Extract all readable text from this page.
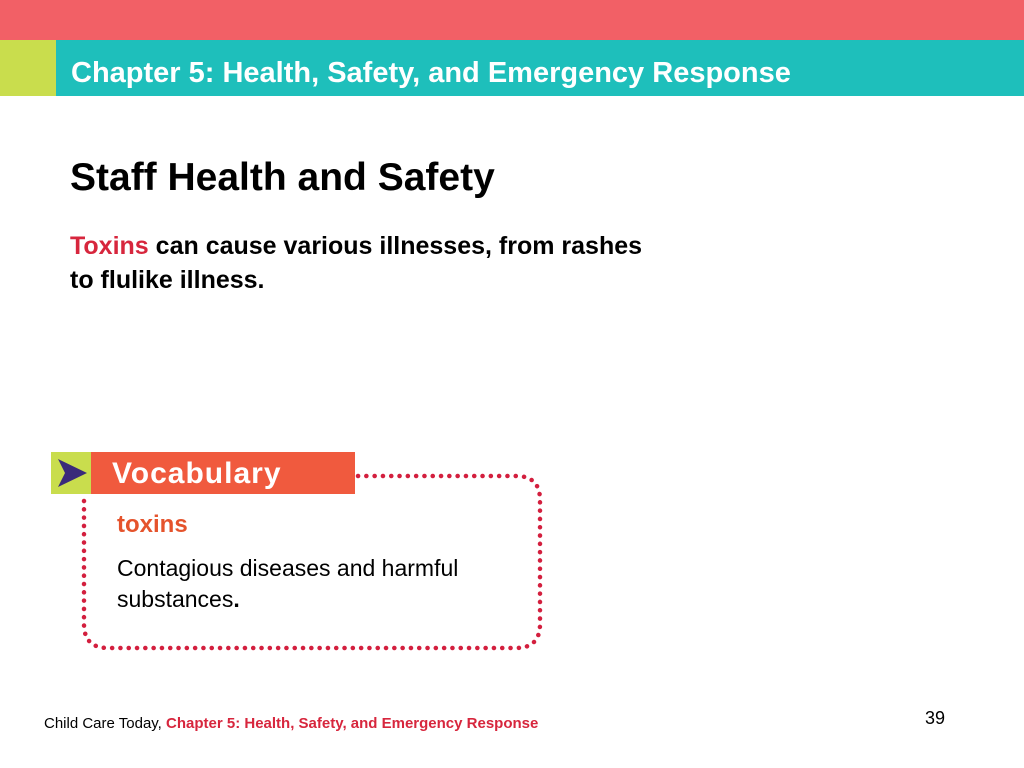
Chapter 5: Health, Safety, and Emergency Response
Staff Health and Safety

Toxins can cause various illnesses, from rashes to flulike illness.

Vocabulary
toxins
Contagious diseases and harmful substances.
Child Care Today, Chapter 5: Health, Safety, and Emergency Response	39
